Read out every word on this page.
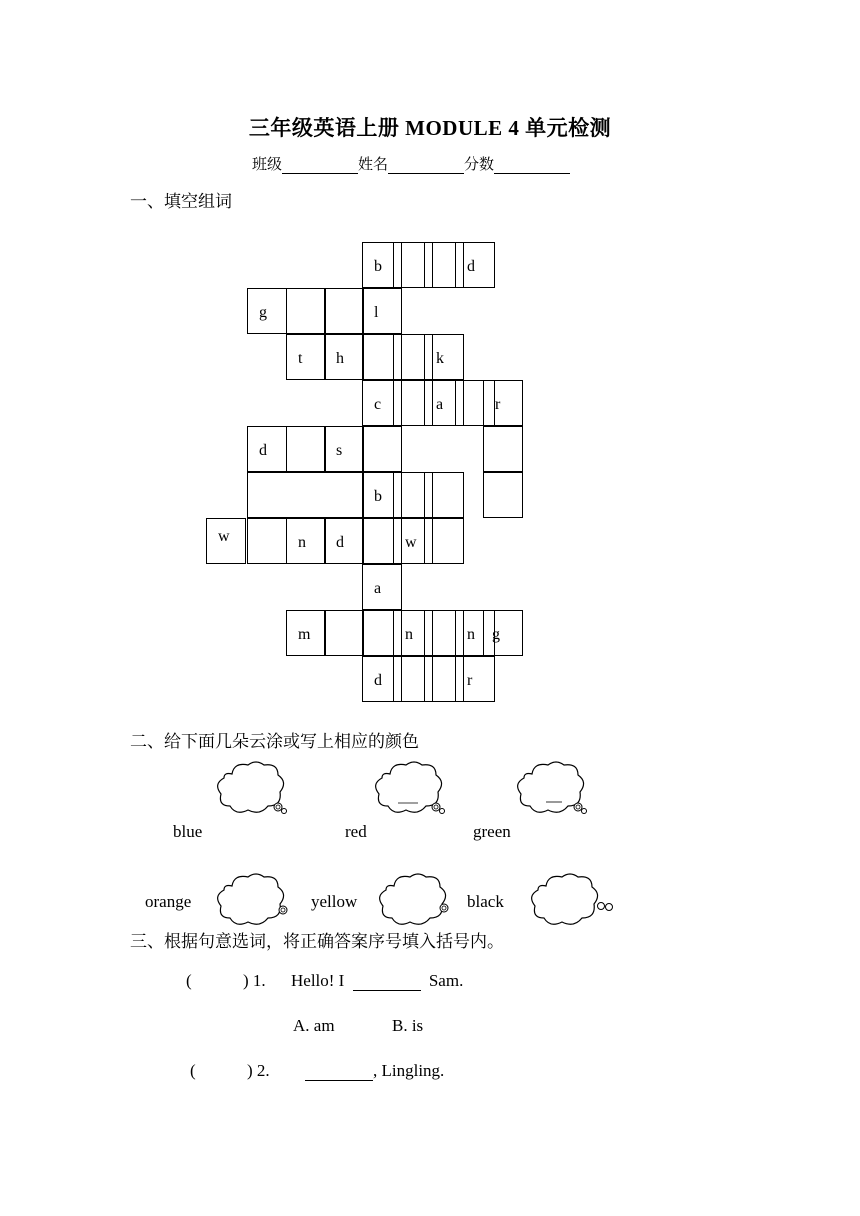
三年级英语上册 MODULE 4 单元检测
班级	姓名	分数
一、填空组词
b	d
g	l
t h	k
c	a	r
d	s
b
w	n d	w
a
m	n	n g
d	r
二、给下面几朵云涂或写上相应的颜色
blue	red	green
orange	yellow	black
三、根据句意选词，将正确答案序号填入括号内。
(	) 1. Hello! I	Sam.
A. am	B. is
(	) 2.	, Lingling.
